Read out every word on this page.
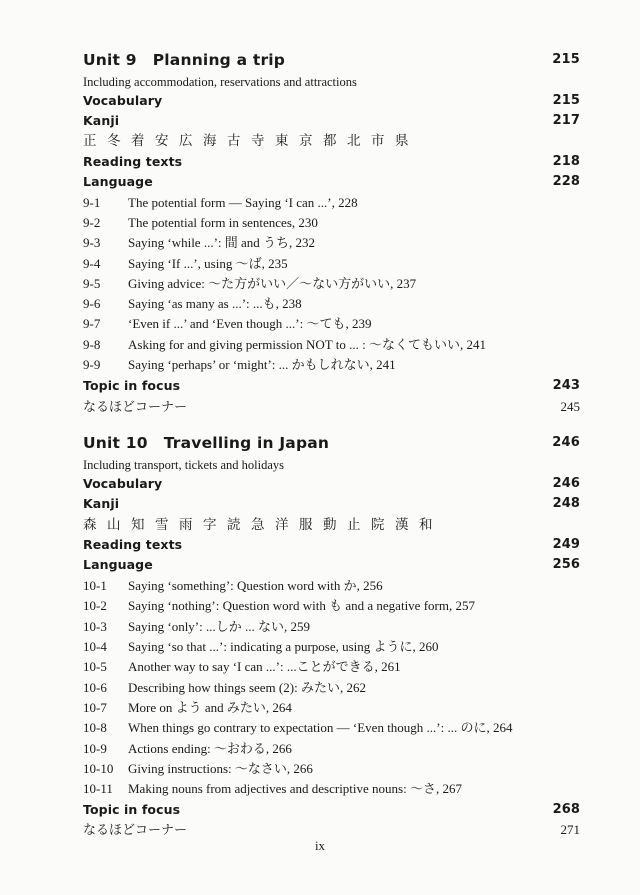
Unit 9 Planning a trip	215
Including accommodation, reservations and attractions
Vocabulary	215
Kanji	217
正冬着安広海古寺東京都北市県
Reading texts	218
Language	228
9-1 The potential form — Saying ‘I can ...’, 228
9-2 The potential form in sentences, 230
9-3 Saying ‘while ...’: 間 and うち, 232
9-4 Saying ‘If ...’, using ～ば, 235
9-5 Giving advice: ～た方がいい／～ない方がいい, 237
9-6 Saying ‘as many as ...’: ...も, 238
9-7 ‘Even if ...’ and ‘Even though ...’: ～ても, 239
9-8 Asking for and giving permission NOT to ... : ～なくてもいい, 241
9-9 Saying ‘perhaps’ or ‘might’: ... かもしれない, 241
Topic in focus	243
なるほどコーナー	245
Unit 10 Travelling in Japan	246
Including transport, tickets and holidays
Vocabulary	246
Kanji	248
森山知雪雨字読急洋服動止院漢和
Reading texts	249
Language	256
10-1 Saying ‘something’: Question word with か, 256
10-2 Saying ‘nothing’: Question word with も and a negative form, 257
10-3 Saying ‘only’: ...しか ... ない, 259
10-4 Saying ‘so that ...’: indicating a purpose, using ように, 260
10-5 Another way to say ‘I can ...’: ...ことができる, 261
10-6 Describing how things seem (2): みたい, 262
10-7 More on よう and みたい, 264
10-8 When things go contrary to expectation — ‘Even though ...’: ... のに, 264
10-9 Actions ending: ～おわる, 266
10-10 Giving instructions: ～なさい, 266
10-11 Making nouns from adjectives and descriptive nouns: ～さ, 267
Topic in focus	268
なるほどコーナー	271
ix
